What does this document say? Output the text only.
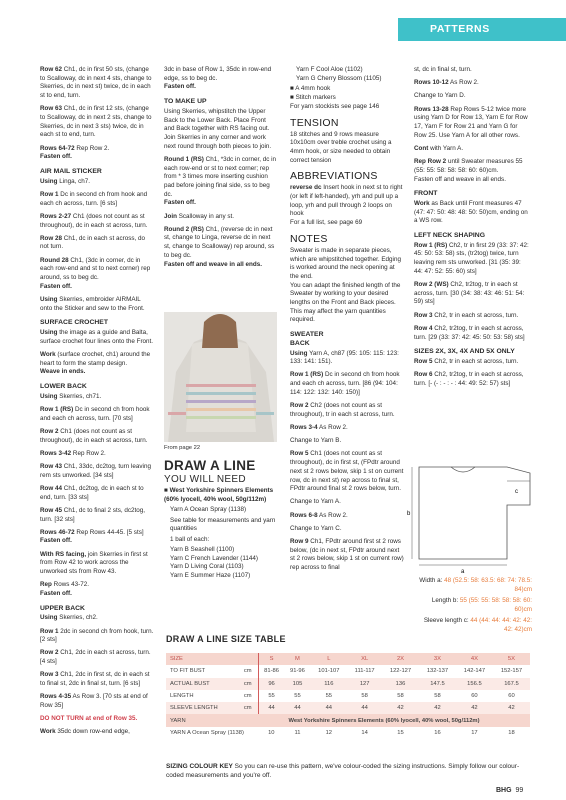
PATTERNS

Row 62 Ch1, dc in first 50 sts, (change to Scalloway, dc in next 4 sts, change to Skerries, dc in next st) twice, dc in each st to end, turn.

Row 63 Ch1, dc in first 12 sts, (change to Scalloway, dc in next 2 sts, change to Skerries, dc in next 3 sts) twice, dc in each st to end, turn.

Rows 64-72 Rep Row 2.
Fasten off.

AIR MAIL STICKER

Using Linga, ch7.

Row 1 Dc in second ch from hook and each ch across, turn. [6 sts]

Rows 2-27 Ch1 (does not count as st throughout), dc in each st across, turn.

Row 28 Ch1, dc in each st across, do not turn.

Round 28 Ch1, (3dc in corner, dc in each row-end and st to next corner) rep around, ss to beg dc.
Fasten off.

Using Skerries, embroider AIRMAIL onto the Sticker and sew to the Front.

SURFACE CROCHET

Using the image as a guide and Balta, surface crochet four lines onto the Front.

Work (surface crochet, ch1) around the heart to form the stamp design.
Weave in ends.

LOWER BACK

Using Skerries, ch71.

Row 1 (RS) Dc in second ch from hook and each ch across, turn. [70 sts]

Row 2 Ch1 (does not count as st throughout), dc in each st across, turn.

Rows 3-42 Rep Row 2.

Row 43 Ch1, 33dc, dc2tog, turn leaving rem sts unworked. [34 sts]

Row 44 Ch1, dc2tog, dc in each st to end, turn. [33 sts]

Row 45 Ch1, dc to final 2 sts, dc2tog, turn. [32 sts]

Rows 46-72 Rep Rows 44-45. [5 sts]
Fasten off.

With RS facing, join Skerries in first st from Row 42 to work across the unworked sts from Row 43.

Rep Rows 43-72.
Fasten off.

UPPER BACK

Using Skerries, ch2.

Row 1 2dc in second ch from hook, turn. [2 sts]

Row 2 Ch1, 2dc in each st across, turn. [4 sts]

Row 3 Ch1, 2dc in first st, dc in each st to final st, 2dc in final st, turn. [6 sts]

Rows 4-35 As Row 3. [70 sts at end of Row 35]

DO NOT TURN at end of Row 35.

Work 35dc down row-end edge,

3dc in base of Row 1, 35dc in row-end edge, ss to beg dc.
Fasten off.

TO MAKE UP

Using Skerries, whipstitch the Upper Back to the Lower Back. Place Front and Back together with RS facing out. Join Skerries in any corner and work next round through both pieces to join.

Round 1 (RS) Ch1, *3dc in corner, dc in each row-end or st to next corner; rep from * 3 times more inserting cushion pad before joining final side, ss to beg dc.
Fasten off.

Join Scalloway in any st.

Round 2 (RS) Ch1, (reverse dc in next st, change to Linga, reverse dc in next st, change to Scalloway) rep around, ss to beg dc.
Fasten off and weave in all ends.

From page 22
DRAW A LINE
YOU WILL NEED

■ West Yorkshire Spinners Elements (60% lyocell, 40% wool, 50g/112m)

Yarn A Ocean Spray (1138)

See table for measurements and yarn quantities

1 ball of each:

Yarn B Seashell (1100)

Yarn C French Lavender (1144)

Yarn D Living Coral (1103)

Yarn E Summer Haze (1107)

Yarn F Cool Aloe (1102)

Yarn G Cherry Blossom (1105)

■ A 4mm hook

■ Stitch markers

For yarn stockists see page 146

TENSION

18 stitches and 9 rows measure 10x10cm over treble crochet using a 4mm hook, or size needed to obtain correct tension

ABBREVIATIONS

reverse dc Insert hook in next st to right (or left if left-handed), yrh and pull up a loop, yrh and pull through 2 loops on hook

For a full list, see page 69

NOTES

Sweater is made in separate pieces, which are whipstitched together. Edging is worked around the neck opening at the end.

You can adapt the finished length of the Sweater by working to your desired lengths on the Front and Back pieces. This may affect the yarn quantities required.

SWEATER
BACK

Using Yarn A, ch87 (95: 105: 115: 123: 133: 141: 151).

Row 1 (RS) Dc in second ch from hook and each ch across, turn. [86 (94: 104: 114: 122: 132: 140: 150)]

Row 2 Ch2 (does not count as st throughout), tr in each st across, turn.

Rows 3-4 As Row 2.

Change to Yarn B.

Row 5 Ch1 (does not count as st throughout), dc in first st, (FPdtr around next st 2 rows below, skip 1 st on current row, dc in next st) rep across to final st, FPdtr around final st 2 rows below, turn.

Change to Yarn A.

Rows 6-8 As Row 2.

Change to Yarn C.

Row 9 Ch1, FPdtr around first st 2 rows below, (dc in next st, FPdtr around next st 2 rows below, skip 1 st on current row) rep across to final

st, dc in final st, turn.

Rows 10-12 As Row 2.

Change to Yarn D.

Rows 13-28 Rep Rows 5-12 twice more using Yarn D for Row 13, Yarn E for Row 17, Yarn F for Row 21 and Yarn G for Row 25. Use Yarn A for all other rows.

Cont with Yarn A.

Rep Row 2 until Sweater measures 55 (55: 55: 58: 58: 58: 60: 60)cm.
Fasten off and weave in all ends.

FRONT

Work as Back until Front measures 47 (47: 47: 50: 48: 48: 50: 50)cm, ending on a WS row.

LEFT NECK SHAPING

Row 1 (RS) Ch2, tr in first 29 (33: 37: 42: 45: 50: 53: 58) sts, (tr2tog) twice, turn leaving rem sts unworked. [31 (35: 39: 44: 47: 52: 55: 60) sts]

Row 2 (WS) Ch2, tr2tog, tr in each st across, turn. [30 (34: 38: 43: 46: 51: 54: 59) sts]

Row 3 Ch2, tr in each st across, turn.

Row 4 Ch2, tr2tog, tr in each st across, turn. [29 (33: 37: 42: 45: 50: 53: 58) sts]

SIZES 2X, 3X, 4X AND 5X ONLY

Row 5 Ch2, tr in each st across, turn.

Row 6 Ch2, tr2tog, tr in each st across, turn. [- (- : - : - : 44: 49: 52: 57) sts]

b
a
c

Width a: 48 (52.5: 58: 63.5: 68: 74: 78.5: 84)cm

Length b: 55 (55: 55: 58: 58: 58: 60: 60)cm

Sleeve length c: 44 (44: 44: 44: 42: 42: 42: 42)cm

DRAW A LINE SIZE TABLE
SIZE		S	M	L	XL	2X	3X	4X	5X
TO FIT BUST	cm	81-86	91-96	101-107	111-117	122-127	132-137	142-147	152-157
ACTUAL BUST	cm	96	105	116	127	136	147.5	156.5	167.5
LENGTH	cm	55	55	55	58	58	58	60	60
SLEEVE LENGTH	cm	44	44	44	44	42	42	42	42
YARN	West Yorkshire Spinners Elements (60% lyocell, 40% wool, 50g/112m)								
YARN A Ocean Spray (1138)		10	11	12	14	15	16	17	18
SIZING COLOUR KEY So you can re-use this pattern, we've colour-coded the sizing instructions. Simply follow our colour-coded measurements and you're off.
BHG 99
